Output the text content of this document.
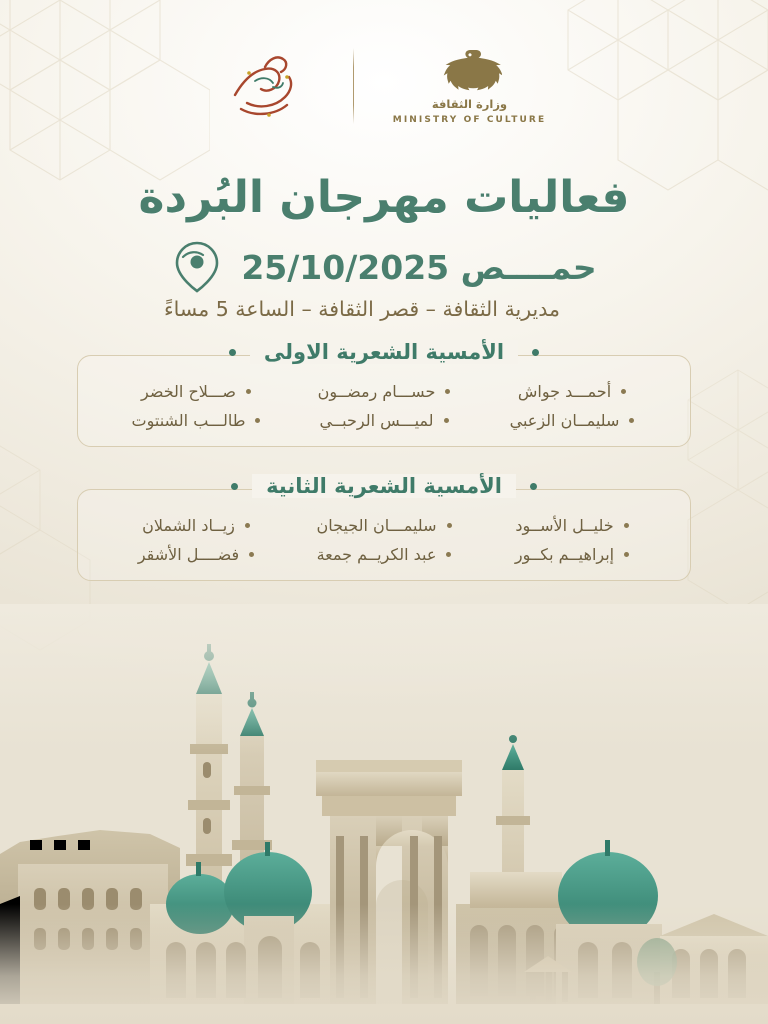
وزارة الثقافة
MINISTRY OF CULTURE
فعاليات مهرجان البُردة
حمــــص 25/10/2025
مديرية الثقافة – قصر الثقافة – الساعة 5 مساءً
أحمـــد جواش
حســـام رمضــون
صـــلاح الخضر
سليمــان الزعبي
لميـــس الرحبــي
طالـــب الشنتوت
الأمسية الشعرية الاولى
خليــل الأســود
سليمـــان الجيجان
زيــاد الشملان
إبراهيــم بكــور
عبد الكريــم جمعة
فضــــل الأشقر
الأمسية الشعرية الثانية
